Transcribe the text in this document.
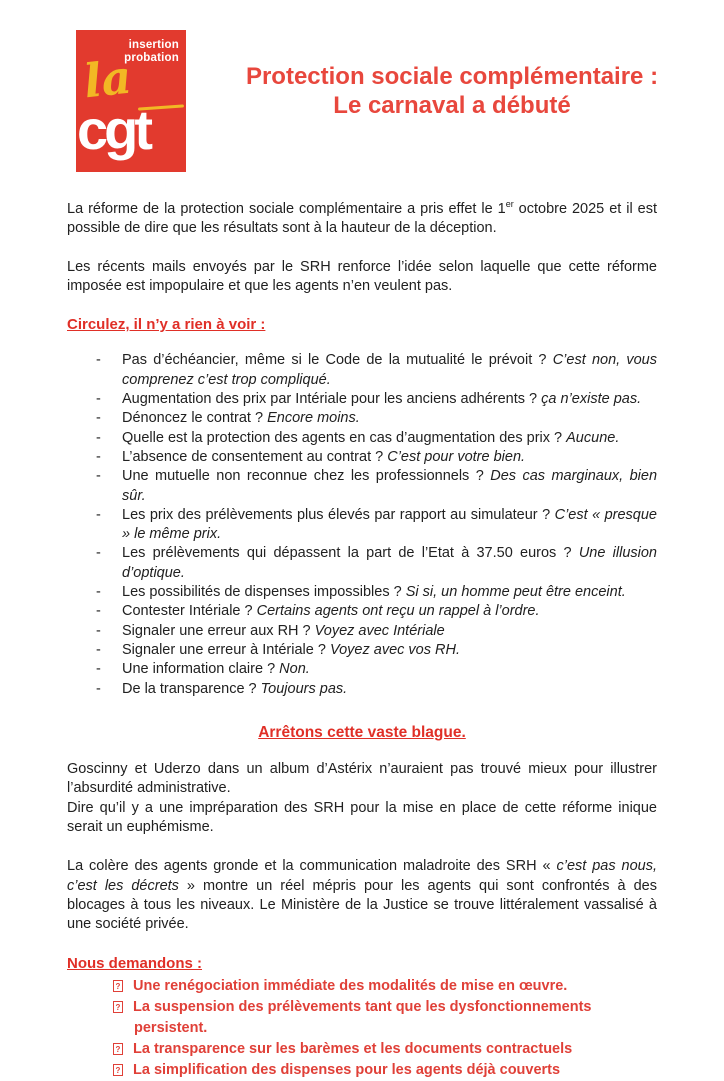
insertion
probation
la
cgt
Protection sociale complémentaire :
Le carnaval a débuté

La réforme de la protection sociale complémentaire a pris effet le 1er octobre 2025 et il est possible de dire que les résultats sont à la hauteur de la déception.

Les récents mails envoyés par le SRH renforce l’idée selon laquelle que cette réforme imposée est impopulaire et que les agents n’en veulent pas.

Circulez, il n’y a rien à voir :
- Pas d’échéancier, même si le Code de la mutualité le prévoit ? C’est non, vous comprenez c’est trop compliqué.
- Augmentation des prix par Intériale pour les anciens adhérents ? ça n’existe pas.
- Dénoncez le contrat ? Encore moins.
- Quelle est la protection des agents en cas d’augmentation des prix ? Aucune.
- L’absence de consentement au contrat ? C’est pour votre bien.
- Une mutuelle non reconnue chez les professionnels ? Des cas marginaux, bien sûr.
- Les prix des prélèvements plus élevés par rapport au simulateur ? C’est « presque » le même prix.
- Les prélèvements qui dépassent la part de l’Etat à 37.50 euros ? Une illusion d’optique.
- Les possibilités de dispenses impossibles ? Si si, un homme peut être enceint.
- Contester Intériale ? Certains agents ont reçu un rappel à l’ordre.
- Signaler une erreur aux RH ? Voyez avec Intériale
- Signaler une erreur à Intériale ? Voyez avec vos RH.
- Une information claire ? Non.
- De la transparence ? Toujours pas.
Arrêtons cette vaste blague.

Goscinny et Uderzo dans un album d’Astérix n’auraient pas trouvé mieux pour illustrer l’absurdité administrative.

Dire qu’il y a une impréparation des SRH pour la mise en place de cette réforme inique serait un euphémisme.

La colère des agents gronde et la communication maladroite des SRH « c’est pas nous, c’est les décrets » montre un réel mépris pour les agents qui sont confrontés à des blocages à tous les niveaux. Le Ministère de la Justice se trouve littéralement vassalisé à une société privée.

Nous demandons :
? Une renégociation immédiate des modalités de mise en œuvre.
? La suspension des prélèvements tant que les dysfonctionnements persistent.
? La transparence sur les barèmes et les documents contractuels
? La simplification des dispenses pour les agents déjà couverts
